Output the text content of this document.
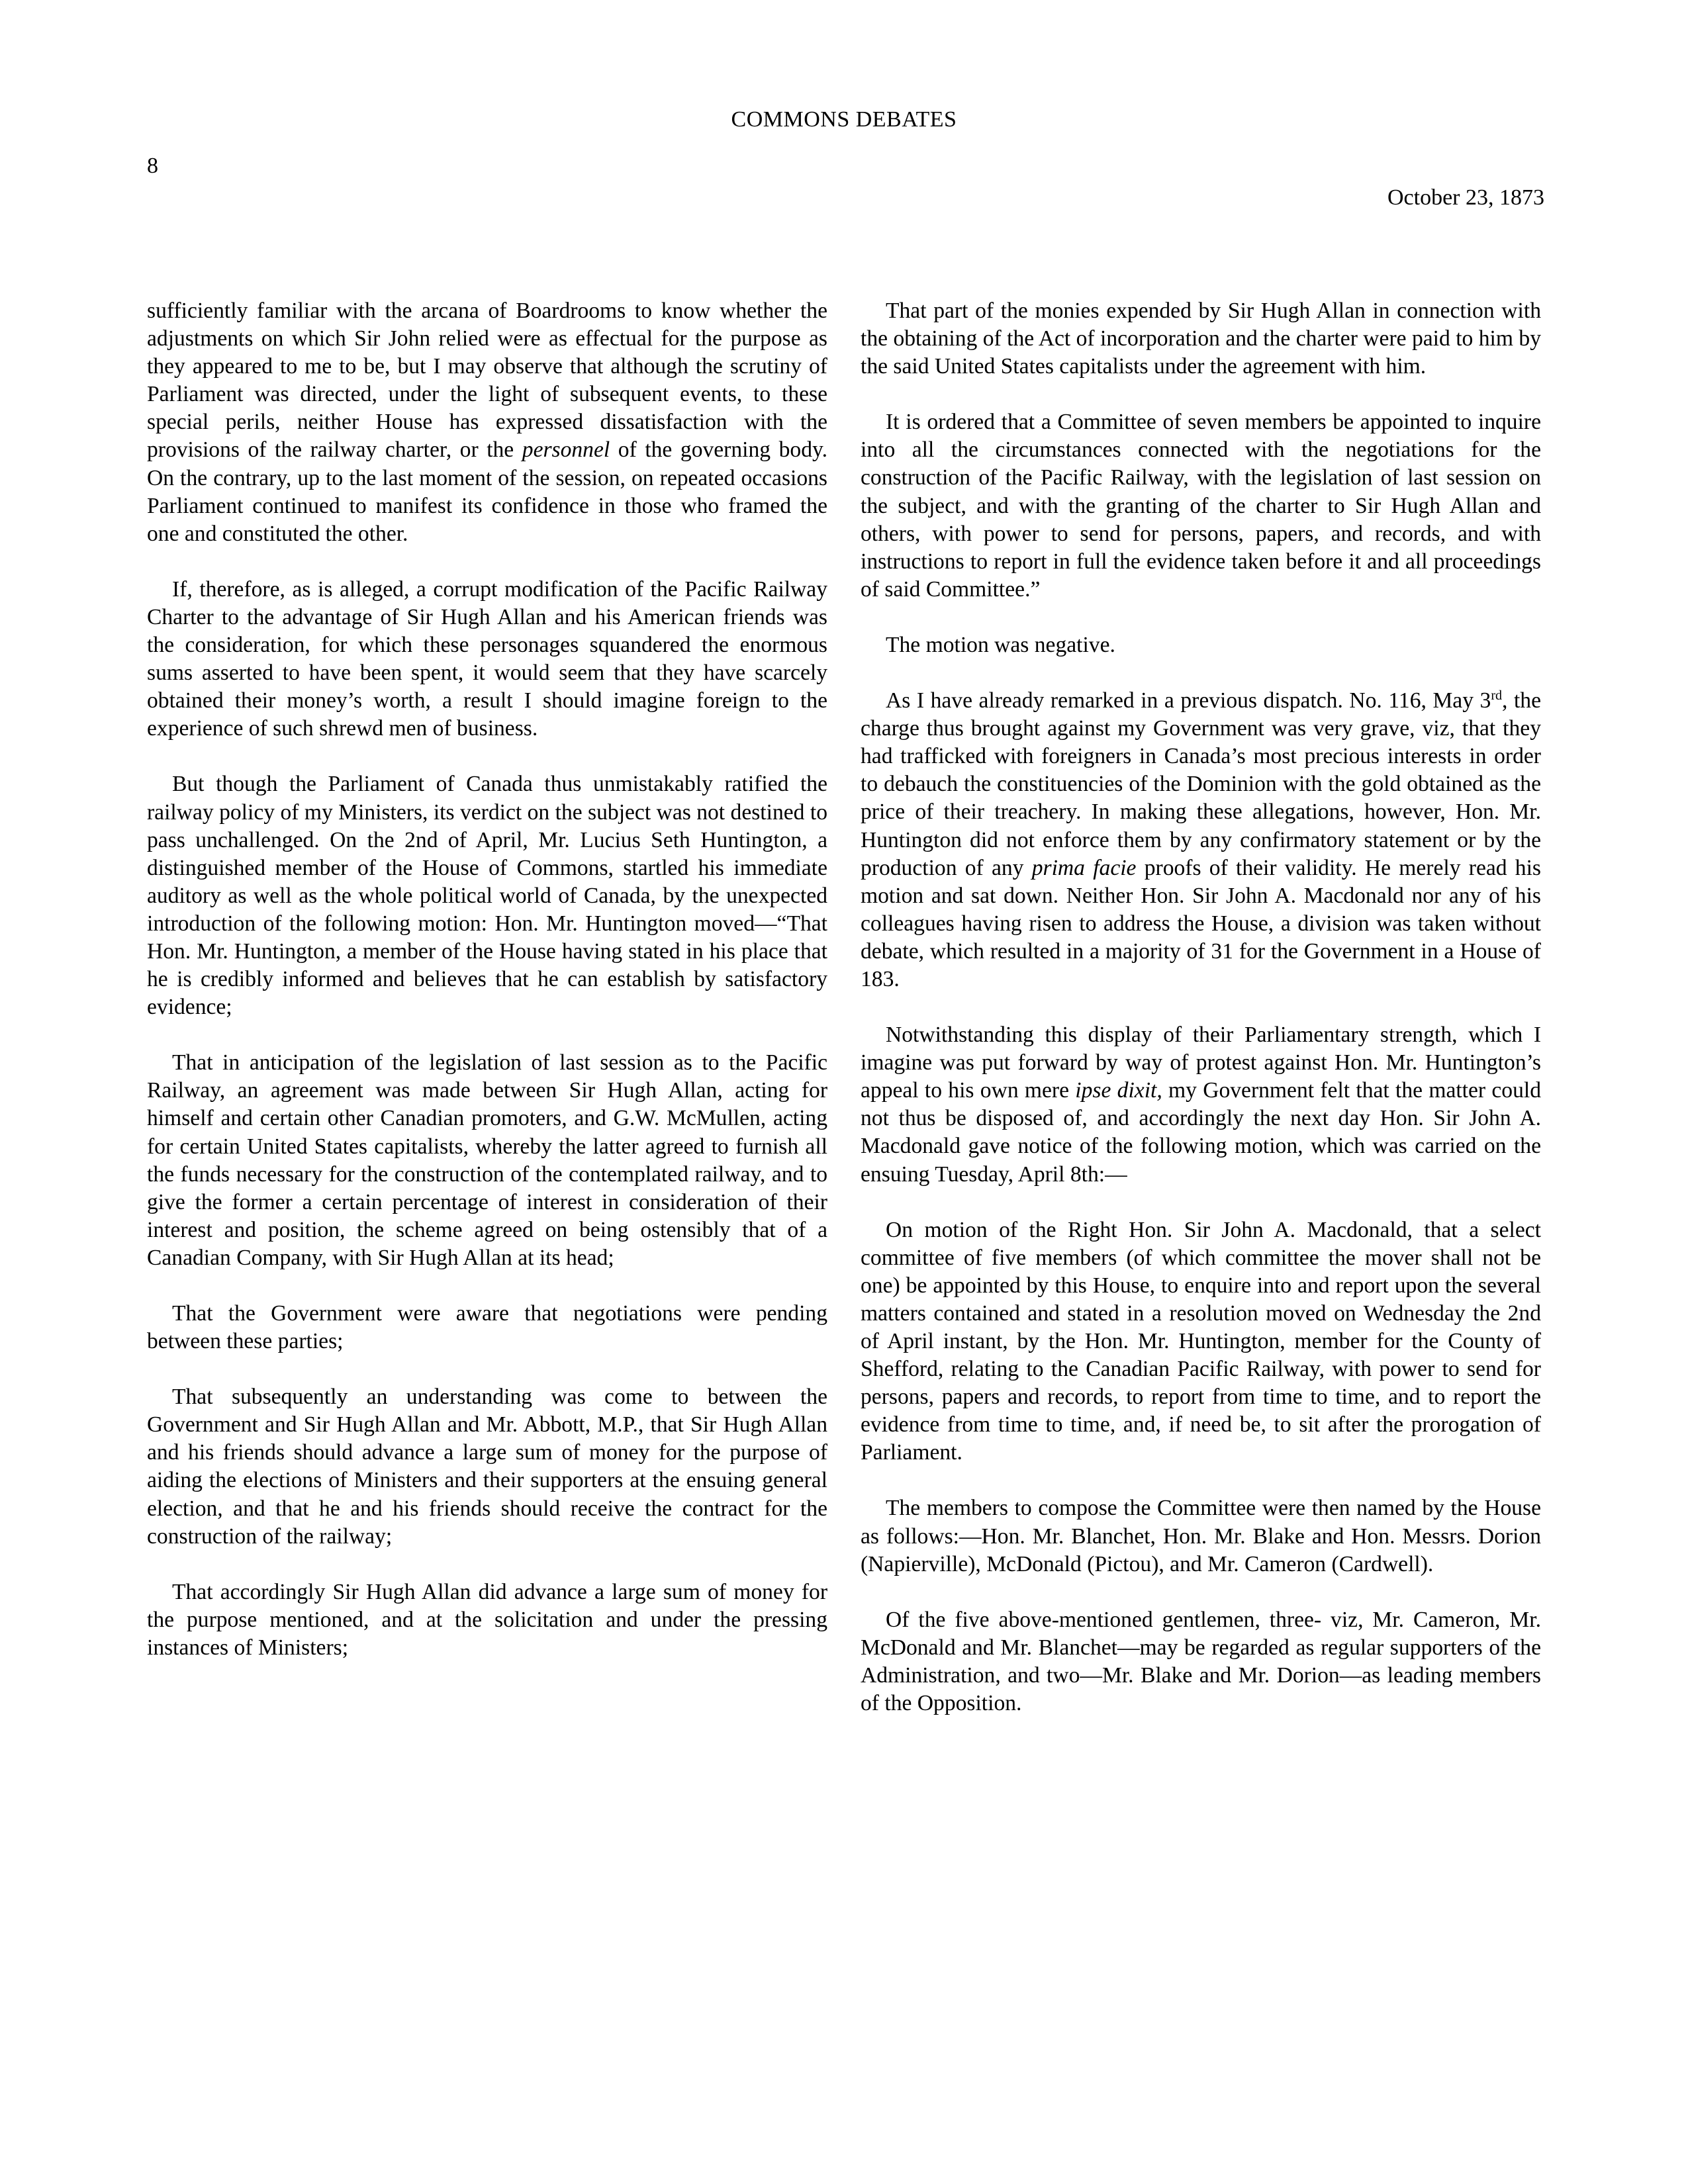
COMMONS DEBATES
8
October 23, 1873

sufficiently familiar with the arcana of Boardrooms to know whether the adjustments on which Sir John relied were as effectual for the purpose as they appeared to me to be, but I may observe that although the scrutiny of Parliament was directed, under the light of subsequent events, to these special perils, neither House has expressed dissatisfaction with the provisions of the railway charter, or the personnel of the governing body. On the contrary, up to the last moment of the session, on repeated occasions Parliament continued to manifest its confidence in those who framed the one and constituted the other.

If, therefore, as is alleged, a corrupt modification of the Pacific Railway Charter to the advantage of Sir Hugh Allan and his American friends was the consideration, for which these personages squandered the enormous sums asserted to have been spent, it would seem that they have scarcely obtained their money’s worth, a result I should imagine foreign to the experience of such shrewd men of business.

But though the Parliament of Canada thus unmistakably ratified the railway policy of my Ministers, its verdict on the subject was not destined to pass unchallenged. On the 2nd of April, Mr. Lucius Seth Huntington, a distinguished member of the House of Commons, startled his immediate auditory as well as the whole political world of Canada, by the unexpected introduction of the following motion: Hon. Mr. Huntington moved—“That Hon. Mr. Huntington, a member of the House having stated in his place that he is credibly informed and believes that he can establish by satisfactory evidence;

That in anticipation of the legislation of last session as to the Pacific Railway, an agreement was made between Sir Hugh Allan, acting for himself and certain other Canadian promoters, and G.W. McMullen, acting for certain United States capitalists, whereby the latter agreed to furnish all the funds necessary for the construction of the contemplated railway, and to give the former a certain percentage of interest in consideration of their interest and position, the scheme agreed on being ostensibly that of a Canadian Company, with Sir Hugh Allan at its head;

That the Government were aware that negotiations were pending between these parties;

That subsequently an understanding was come to between the Government and Sir Hugh Allan and Mr. Abbott, M.P., that Sir Hugh Allan and his friends should advance a large sum of money for the purpose of aiding the elections of Ministers and their supporters at the ensuing general election, and that he and his friends should receive the contract for the construction of the railway;

That accordingly Sir Hugh Allan did advance a large sum of money for the purpose mentioned, and at the solicitation and under the pressing instances of Ministers;

That part of the monies expended by Sir Hugh Allan in connection with the obtaining of the Act of incorporation and the charter were paid to him by the said United States capitalists under the agreement with him.

It is ordered that a Committee of seven members be appointed to inquire into all the circumstances connected with the negotiations for the construction of the Pacific Railway, with the legislation of last session on the subject, and with the granting of the charter to Sir Hugh Allan and others, with power to send for persons, papers, and records, and with instructions to report in full the evidence taken before it and all proceedings of said Committee.”

The motion was negative.

As I have already remarked in a previous dispatch. No. 116, May 3rd, the charge thus brought against my Government was very grave, viz, that they had trafficked with foreigners in Canada’s most precious interests in order to debauch the constituencies of the Dominion with the gold obtained as the price of their treachery. In making these allegations, however, Hon. Mr. Huntington did not enforce them by any confirmatory statement or by the production of any prima facie proofs of their validity. He merely read his motion and sat down. Neither Hon. Sir John A. Macdonald nor any of his colleagues having risen to address the House, a division was taken without debate, which resulted in a majority of 31 for the Government in a House of 183.

Notwithstanding this display of their Parliamentary strength, which I imagine was put forward by way of protest against Hon. Mr. Huntington’s appeal to his own mere ipse dixit, my Government felt that the matter could not thus be disposed of, and accordingly the next day Hon. Sir John A. Macdonald gave notice of the following motion, which was carried on the ensuing Tuesday, April 8th:—

On motion of the Right Hon. Sir John A. Macdonald, that a select committee of five members (of which committee the mover shall not be one) be appointed by this House, to enquire into and report upon the several matters contained and stated in a resolution moved on Wednesday the 2nd of April instant, by the Hon. Mr. Huntington, member for the County of Shefford, relating to the Canadian Pacific Railway, with power to send for persons, papers and records, to report from time to time, and to report the evidence from time to time, and, if need be, to sit after the prorogation of Parliament.

The members to compose the Committee were then named by the House as follows:—Hon. Mr. Blanchet, Hon. Mr. Blake and Hon. Messrs. Dorion (Napierville), McDonald (Pictou), and Mr. Cameron (Cardwell).

Of the five above-mentioned gentlemen, three- viz, Mr. Cameron, Mr. McDonald and Mr. Blanchet—may be regarded as regular supporters of the Administration, and two—Mr. Blake and Mr. Dorion—as leading members of the Opposition.
